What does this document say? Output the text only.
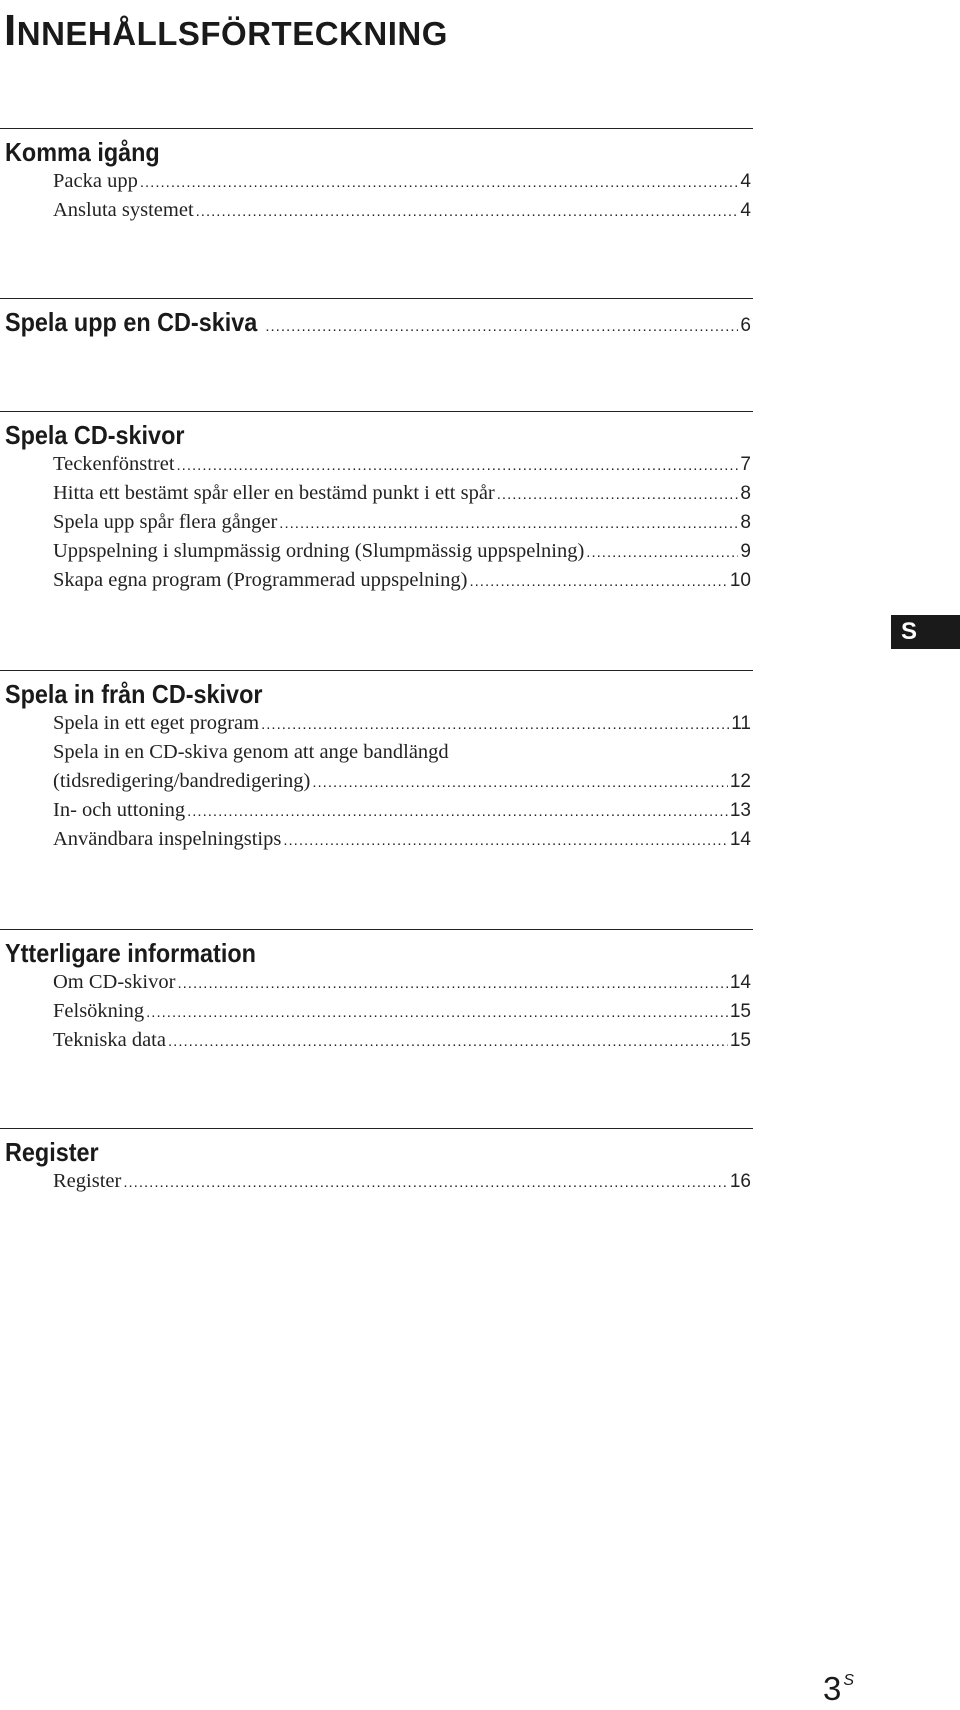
INNEHÅLLSFÖRTECKNING
Komma igång
Packa upp .....	4
Ansluta systemet .....	4
Spela upp en CD-skiva .....	6
Spela CD-skivor
Teckenfönstret .....	7
Hitta ett bestämt spår eller en bestämd punkt i ett spår .....	8
Spela upp spår flera gånger .....	8
Uppspelning i slumpmässig ordning (Slumpmässig uppspelning) .....	9
Skapa egna program (Programmerad uppspelning) .....	10
S
Spela in från CD-skivor
Spela in ett eget program .....	11
Spela in en CD-skiva genom att ange bandlängd
(tidsredigering/bandredigering) .....	12
In- och uttoning .....	13
Användbara inspelningstips .....	14
Ytterligare information
Om CD-skivor .....	14
Felsökning .....	15
Tekniska data .....	15
Register
Register .....	16
3 $^S$
